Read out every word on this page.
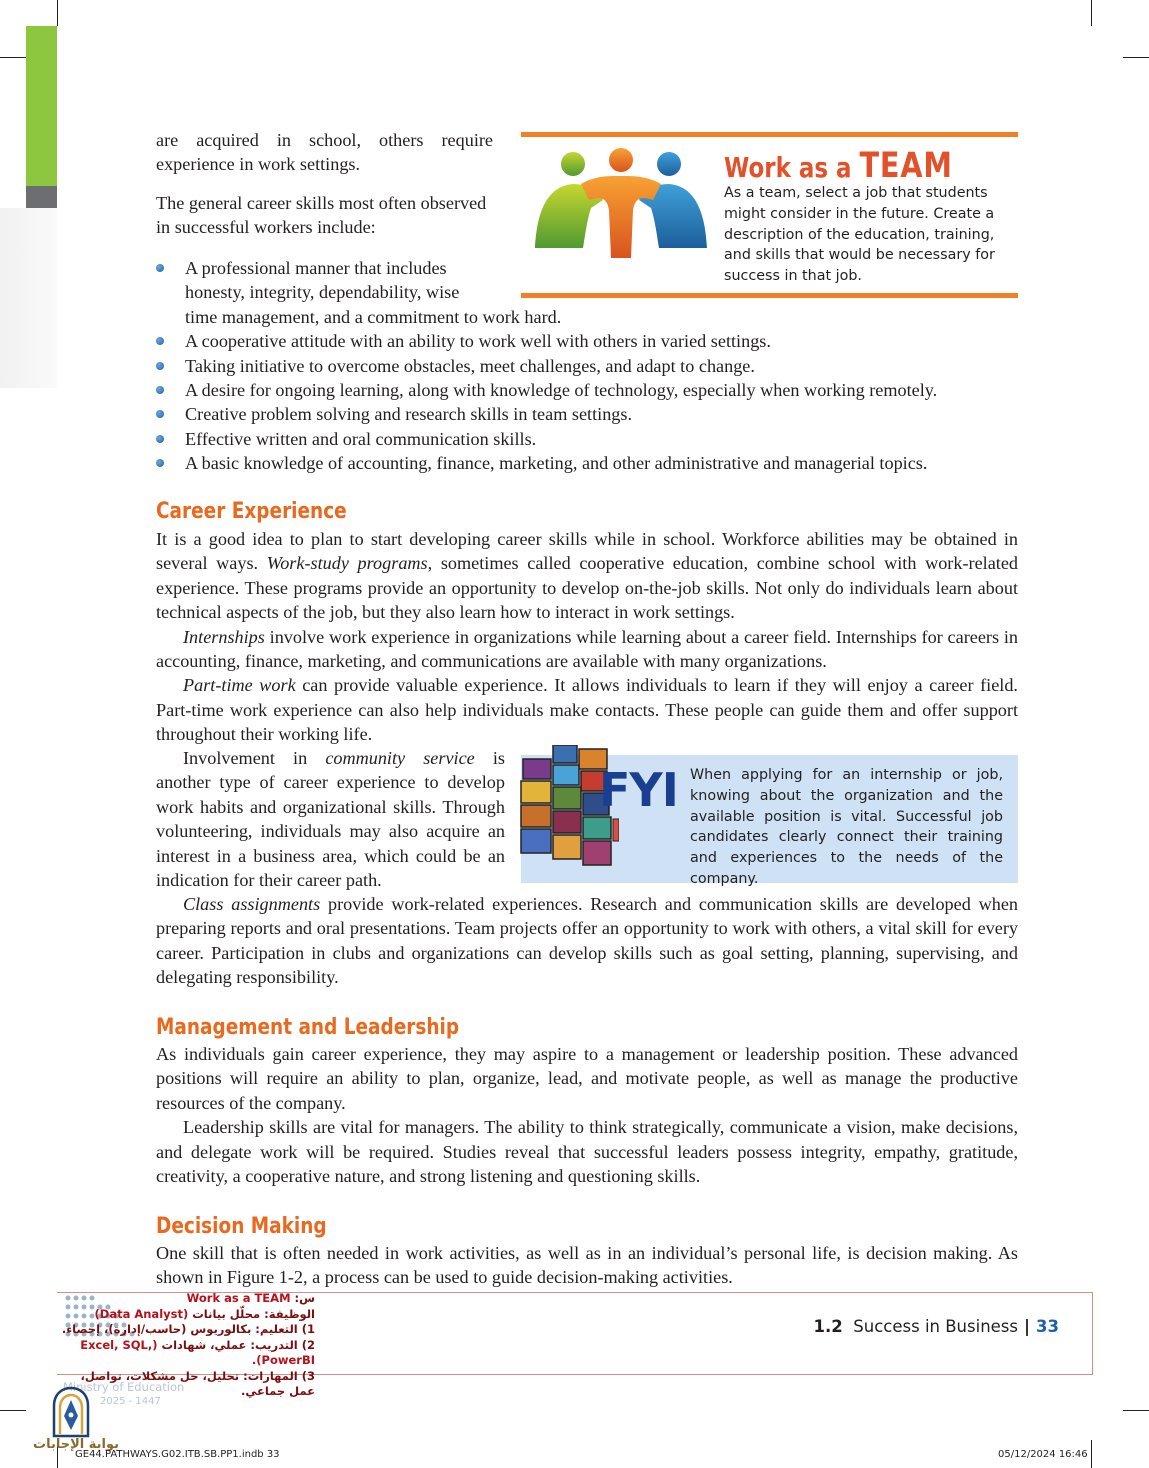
are acquired in school, others require experience in work settings.

The general career skills most often observed in successful workers include:

Work as a TEAM
As a team, select a job that students might consider in the future. Create a description of the education, training, and skills that would be necessary for success in that job.
A professional manner that includes
honesty, integrity, dependability, wise
time management, and a commitment to work hard.
A cooperative attitude with an ability to work well with others in varied settings.
Taking initiative to overcome obstacles, meet challenges, and adapt to change.
A desire for ongoing learning, along with knowledge of technology, especially when working remotely.
Creative problem solving and research skills in team settings.
Effective written and oral communication skills.
A basic knowledge of accounting, finance, marketing, and other administrative and managerial topics.
Career Experience

It is a good idea to plan to start developing career skills while in school. Workforce abilities may be obtained in several ways. Work-study programs, sometimes called cooperative education, combine school with work-related experience. These programs provide an opportunity to develop on-the-job skills. Not only do individuals learn about technical aspects of the job, but they also learn how to interact in work settings.

Internships involve work experience in organizations while learning about a career field. Internships for careers in accounting, finance, marketing, and communications are available with many organizations.

Part-time work can provide valuable experience. It allows individuals to learn if they will enjoy a career field. Part-time work experience can also help individuals make contacts. These people can guide them and offer support throughout their working life.

Involvement in community service is another type of career experience to develop work habits and organizational skills. Through volunteering, individuals may also acquire an interest in a business area, which could be an indication for their career path.

FYI When applying for an internship or job, knowing about the organization and the available position is vital. Successful job candidates clearly connect their training and experiences to the needs of the company.

Class assignments provide work-related experiences. Research and communication skills are developed when preparing reports and oral presentations. Team projects offer an opportunity to work with others, a vital skill for every career. Participation in clubs and organizations can develop skills such as goal setting, planning, supervising, and delegating responsibility.

Management and Leadership

As individuals gain career experience, they may aspire to a management or leadership position. These advanced positions will require an ability to plan, organize, lead, and motivate people, as well as manage the productive resources of the company.

Leadership skills are vital for managers. The ability to think strategically, communicate a vision, make decisions, and delegate work will be required. Studies reveal that successful leaders possess integrity, empathy, gratitude, creativity, a cooperative nature, and strong listening and questioning skills.

Decision Making

One skill that is often needed in work activities, as well as in an individual’s personal life, is decision making. As shown in Figure 1-2, a process can be used to guide decision-making activities.

س: Work as a TEAM
الوظيفة: محلّل بيانات (Data Analyst)
1) التعليم: بكالوريوس (حاسب/إدارة)، إحصاء.
2) التدريب: عملي، شهادات (Excel, SQL, PowerBI).
3) المهارات: تحليل، حل مشكلات، تواصل، عمل جماعي.
1.2 Success in Business | 33
Ministry of Education
2025 - 1447
بوابة الإجابات
GE44.PATHWAYS.G02.ITB.SB.PP1.indb 33	05/12/2024 16:46
